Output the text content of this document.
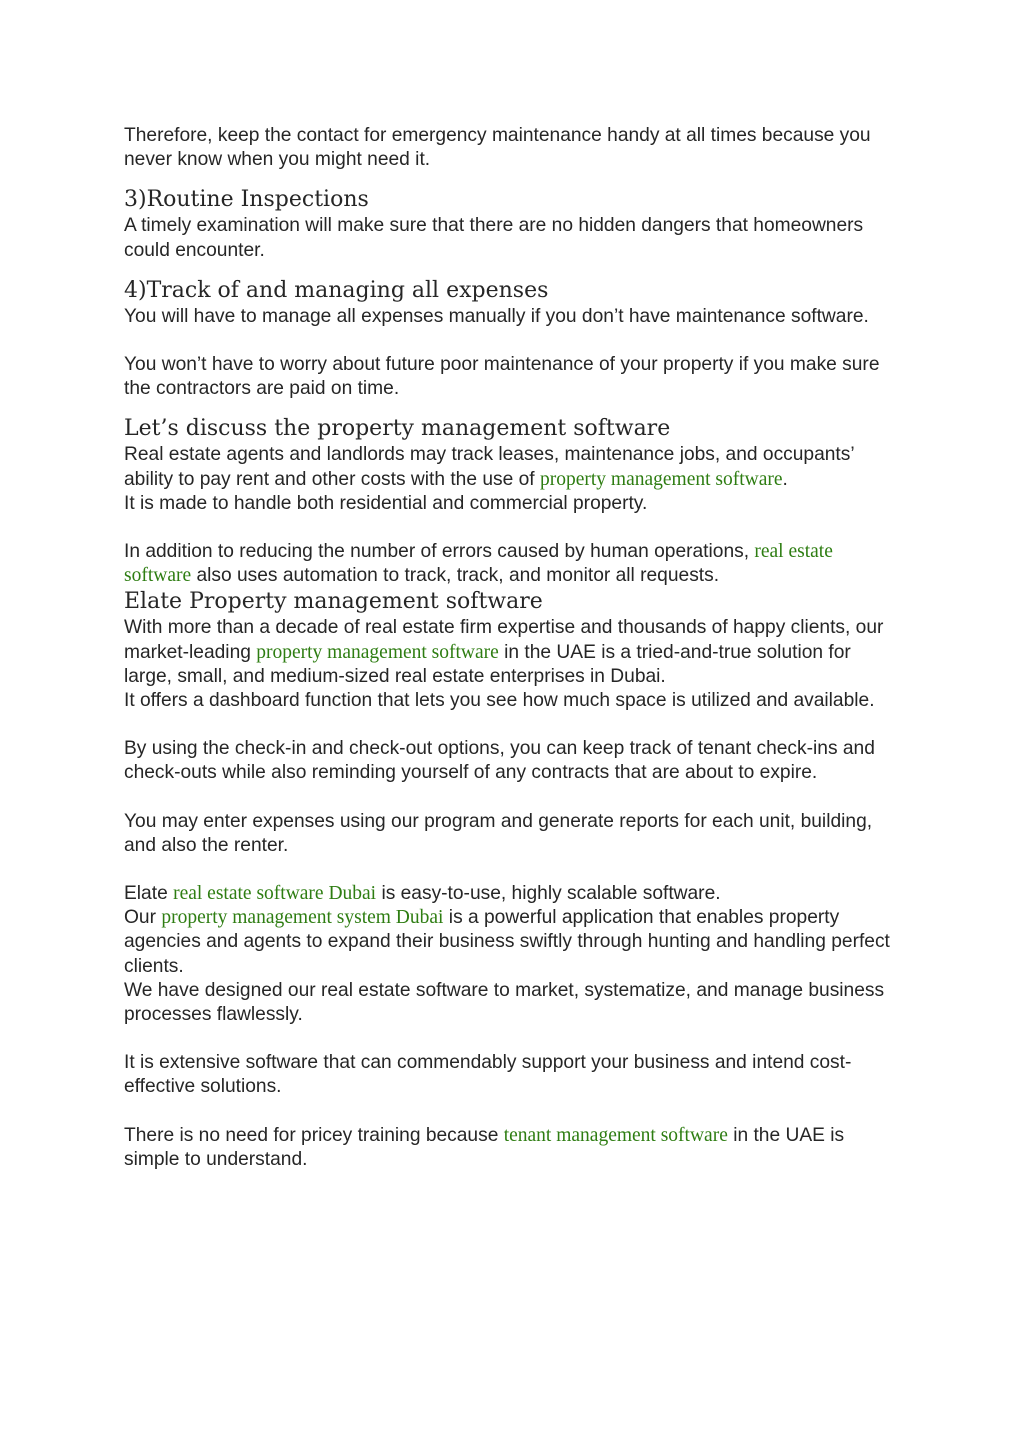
Therefore, keep the contact for emergency maintenance handy at all times because you never know when you might need it.

3)Routine Inspections

A timely examination will make sure that there are no hidden dangers that homeowners could encounter.

4)Track of and managing all expenses

You will have to manage all expenses manually if you don’t have maintenance software.

You won’t have to worry about future poor maintenance of your property if you make sure the contractors are paid on time.

Let’s discuss the property management software

Real estate agents and landlords may track leases, maintenance jobs, and occupants’ ability to pay rent and other costs with the use of property management software.

It is made to handle both residential and commercial property.

In addition to reducing the number of errors caused by human operations, real estate software also uses automation to track, track, and monitor all requests.

Elate Property management software

With more than a decade of real estate firm expertise and thousands of happy clients, our market-leading property management software in the UAE is a tried-and-true solution for large, small, and medium-sized real estate enterprises in Dubai.

It offers a dashboard function that lets you see how much space is utilized and available.

By using the check-in and check-out options, you can keep track of tenant check-ins and check-outs while also reminding yourself of any contracts that are about to expire.

You may enter expenses using our program and generate reports for each unit, building, and also the renter.

Elate real estate software Dubai is easy-to-use, highly scalable software.

Our property management system Dubai is a powerful application that enables property agencies and agents to expand their business swiftly through hunting and handling perfect clients.

We have designed our real estate software to market, systematize, and manage business processes flawlessly.

It is extensive software that can commendably support your business and intend cost-effective solutions.

There is no need for pricey training because tenant management software in the UAE is simple to understand.
